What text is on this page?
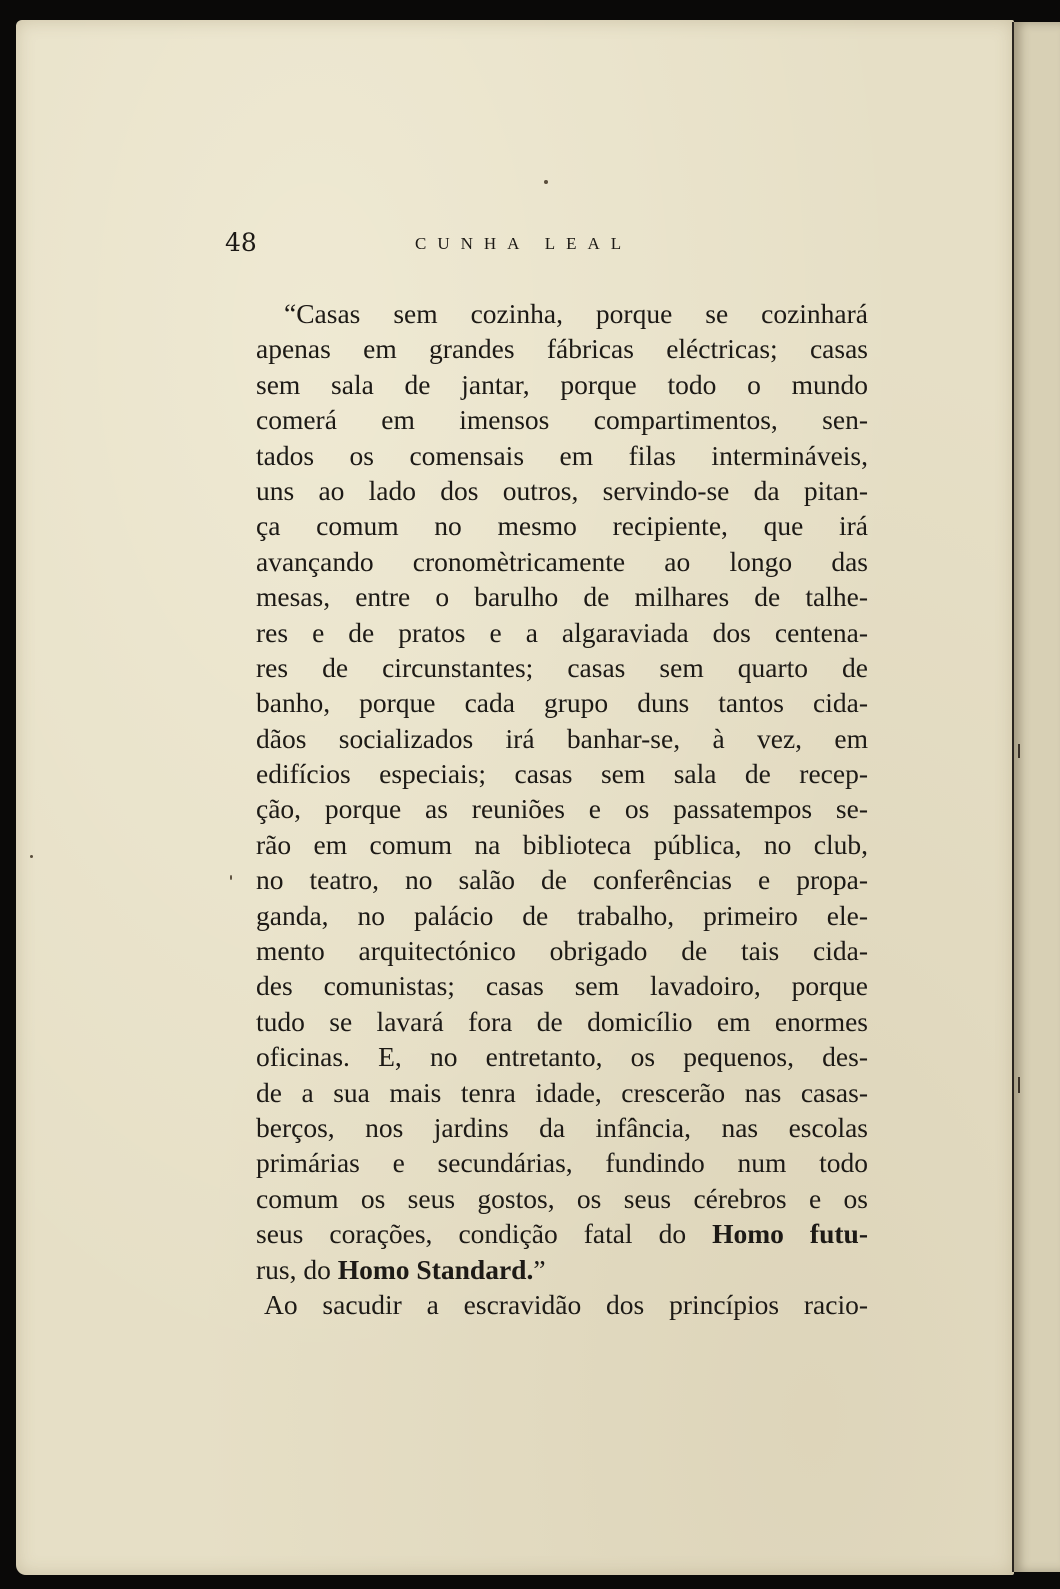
48	CUNHA LEAL
“Casas sem cozinha, porque se cozinhará
apenas em grandes fábricas eléctricas; casas
sem sala de jantar, porque todo o mundo
comerá em imensos compartimentos, sen-
tados os comensais em filas intermináveis,
uns ao lado dos outros, servindo-se da pitan-
ça comum no mesmo recipiente, que irá
avançando cronomètricamente ao longo das
mesas, entre o barulho de milhares de talhe-
res e de pratos e a algaraviada dos centena-
res de circunstantes; casas sem quarto de
banho, porque cada grupo duns tantos cida-
dãos socializados irá banhar-se, à vez, em
edifícios especiais; casas sem sala de recep-
ção, porque as reuniões e os passatempos se-
rão em comum na biblioteca pública, no club,
no teatro, no salão de conferências e propa-
ganda, no palácio de trabalho, primeiro ele-
mento arquitectónico obrigado de tais cida-
des comunistas; casas sem lavadoiro, porque
tudo se lavará fora de domicílio em enormes
oficinas. E, no entretanto, os pequenos, des-
de a sua mais tenra idade, crescerão nas casas-
berços, nos jardins da infância, nas escolas
primárias e secundárias, fundindo num todo
comum os seus gostos, os seus cérebros e os
seus corações, condição fatal do Homo futu-
rus, do Homo Standard.”
Ao sacudir a escravidão dos princípios racio-
